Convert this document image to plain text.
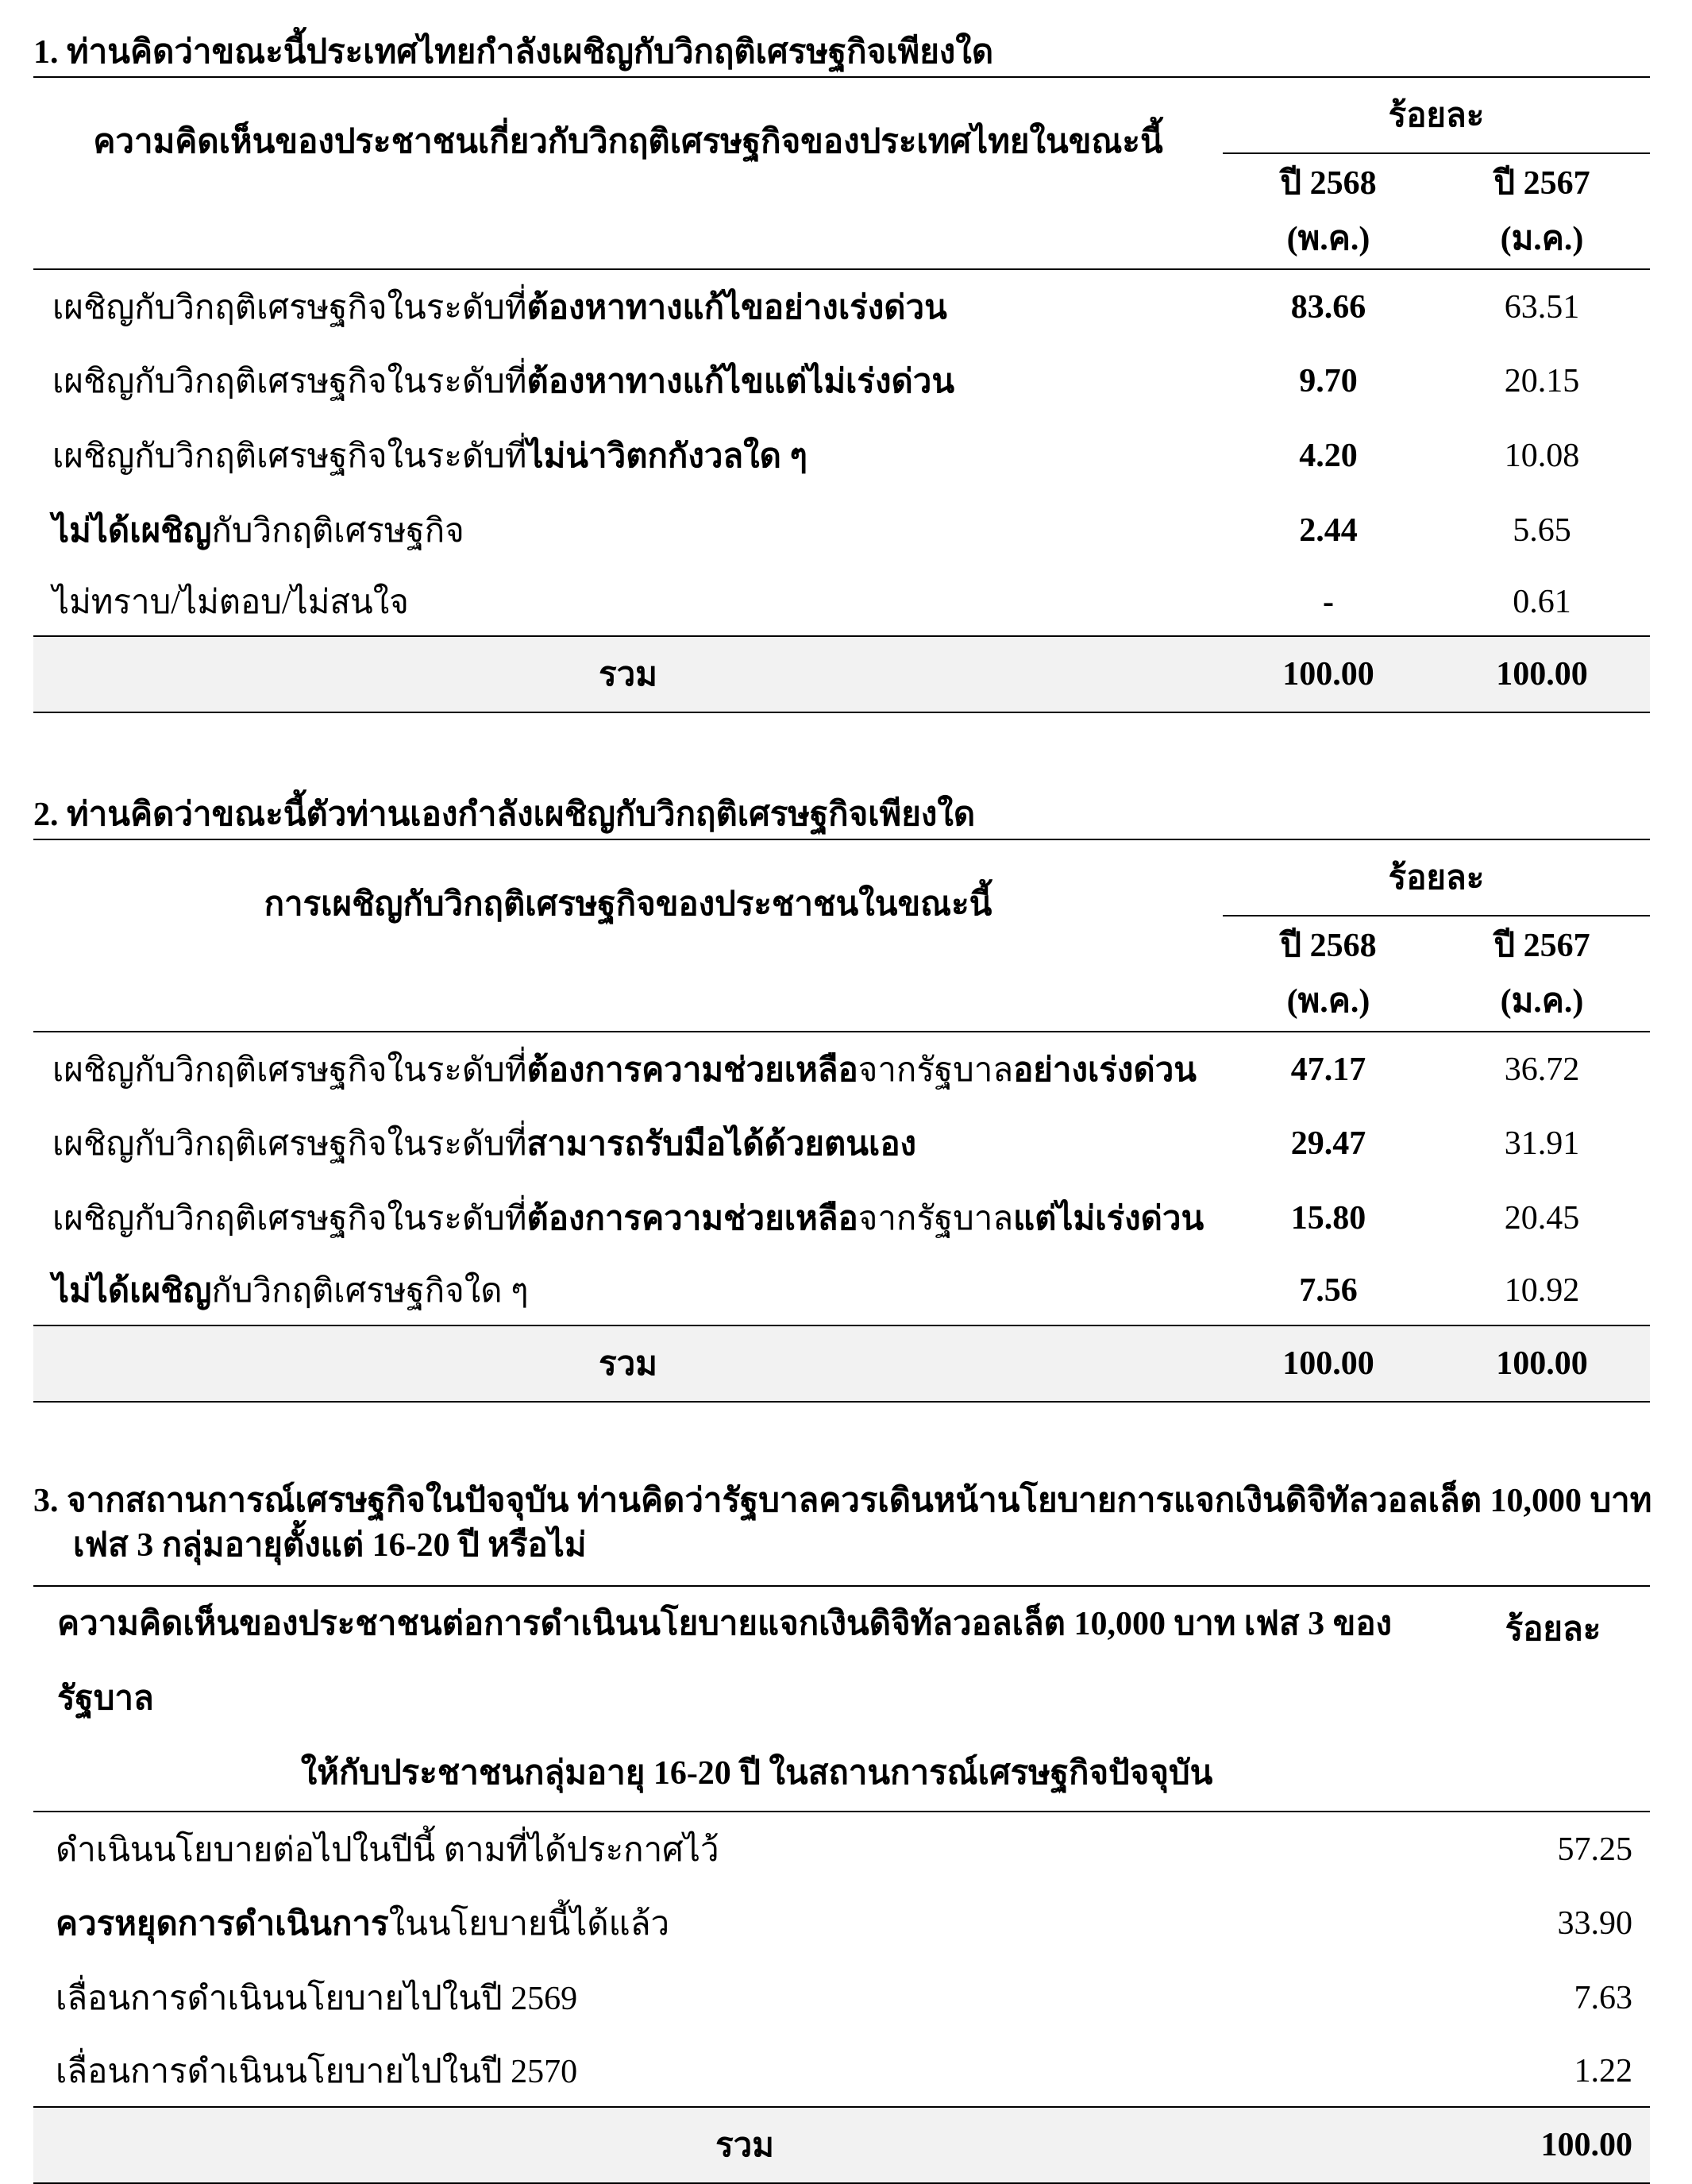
1. ท่านคิดว่าขณะนี้ประเทศไทยกำลังเผชิญกับวิกฤติเศรษฐกิจเพียงใด
ความคิดเห็นของประชาชนเกี่ยวกับวิกฤติเศรษฐกิจของประเทศไทยในขณะนี้	ร้อยละ	
	ปี 2568
(พ.ค.)	ปี 2567
(ม.ค.)
เผชิญกับวิกฤติเศรษฐกิจในระดับที่ต้องหาทางแก้ไขอย่างเร่งด่วน	83.66	63.51
เผชิญกับวิกฤติเศรษฐกิจในระดับที่ต้องหาทางแก้ไขแต่ไม่เร่งด่วน	9.70	20.15
เผชิญกับวิกฤติเศรษฐกิจในระดับที่ไม่น่าวิตกกังวลใด ๆ	4.20	10.08
ไม่ได้เผชิญกับวิกฤติเศรษฐกิจ	2.44	5.65
ไม่ทราบ/ไม่ตอบ/ไม่สนใจ	-	0.61
รวม	100.00	100.00
2. ท่านคิดว่าขณะนี้ตัวท่านเองกำลังเผชิญกับวิกฤติเศรษฐกิจเพียงใด
การเผชิญกับวิกฤติเศรษฐกิจของประชาชนในขณะนี้	ร้อยละ	
	ปี 2568
(พ.ค.)	ปี 2567
(ม.ค.)
เผชิญกับวิกฤติเศรษฐกิจในระดับที่ต้องการความช่วยเหลือจากรัฐบาลอย่างเร่งด่วน	47.17	36.72
เผชิญกับวิกฤติเศรษฐกิจในระดับที่สามารถรับมือได้ด้วยตนเอง	29.47	31.91
เผชิญกับวิกฤติเศรษฐกิจในระดับที่ต้องการความช่วยเหลือจากรัฐบาลแต่ไม่เร่งด่วน	15.80	20.45
ไม่ได้เผชิญกับวิกฤติเศรษฐกิจใด ๆ	7.56	10.92
รวม	100.00	100.00
3. จากสถานการณ์เศรษฐกิจในปัจจุบัน ท่านคิดว่ารัฐบาลควรเดินหน้านโยบายการแจกเงินดิจิทัลวอลเล็ต 10,000 บาท
เฟส 3 กลุ่มอายุตั้งแต่ 16-20 ปี หรือไม่
ความคิดเห็นของประชาชนต่อการดำเนินนโยบายแจกเงินดิจิทัลวอลเล็ต 10,000 บาท เฟส 3 ของรัฐบาล
ให้กับประชาชนกลุ่มอายุ 16-20 ปี ในสถานการณ์เศรษฐกิจปัจจุบัน	ร้อยละ
ดำเนินนโยบายต่อไปในปีนี้ ตามที่ได้ประกาศไว้	57.25
ควรหยุดการดำเนินการในนโยบายนี้ได้แล้ว	33.90
เลื่อนการดำเนินนโยบายไปในปี 2569	7.63
เลื่อนการดำเนินนโยบายไปในปี 2570	1.22
รวม	100.00
